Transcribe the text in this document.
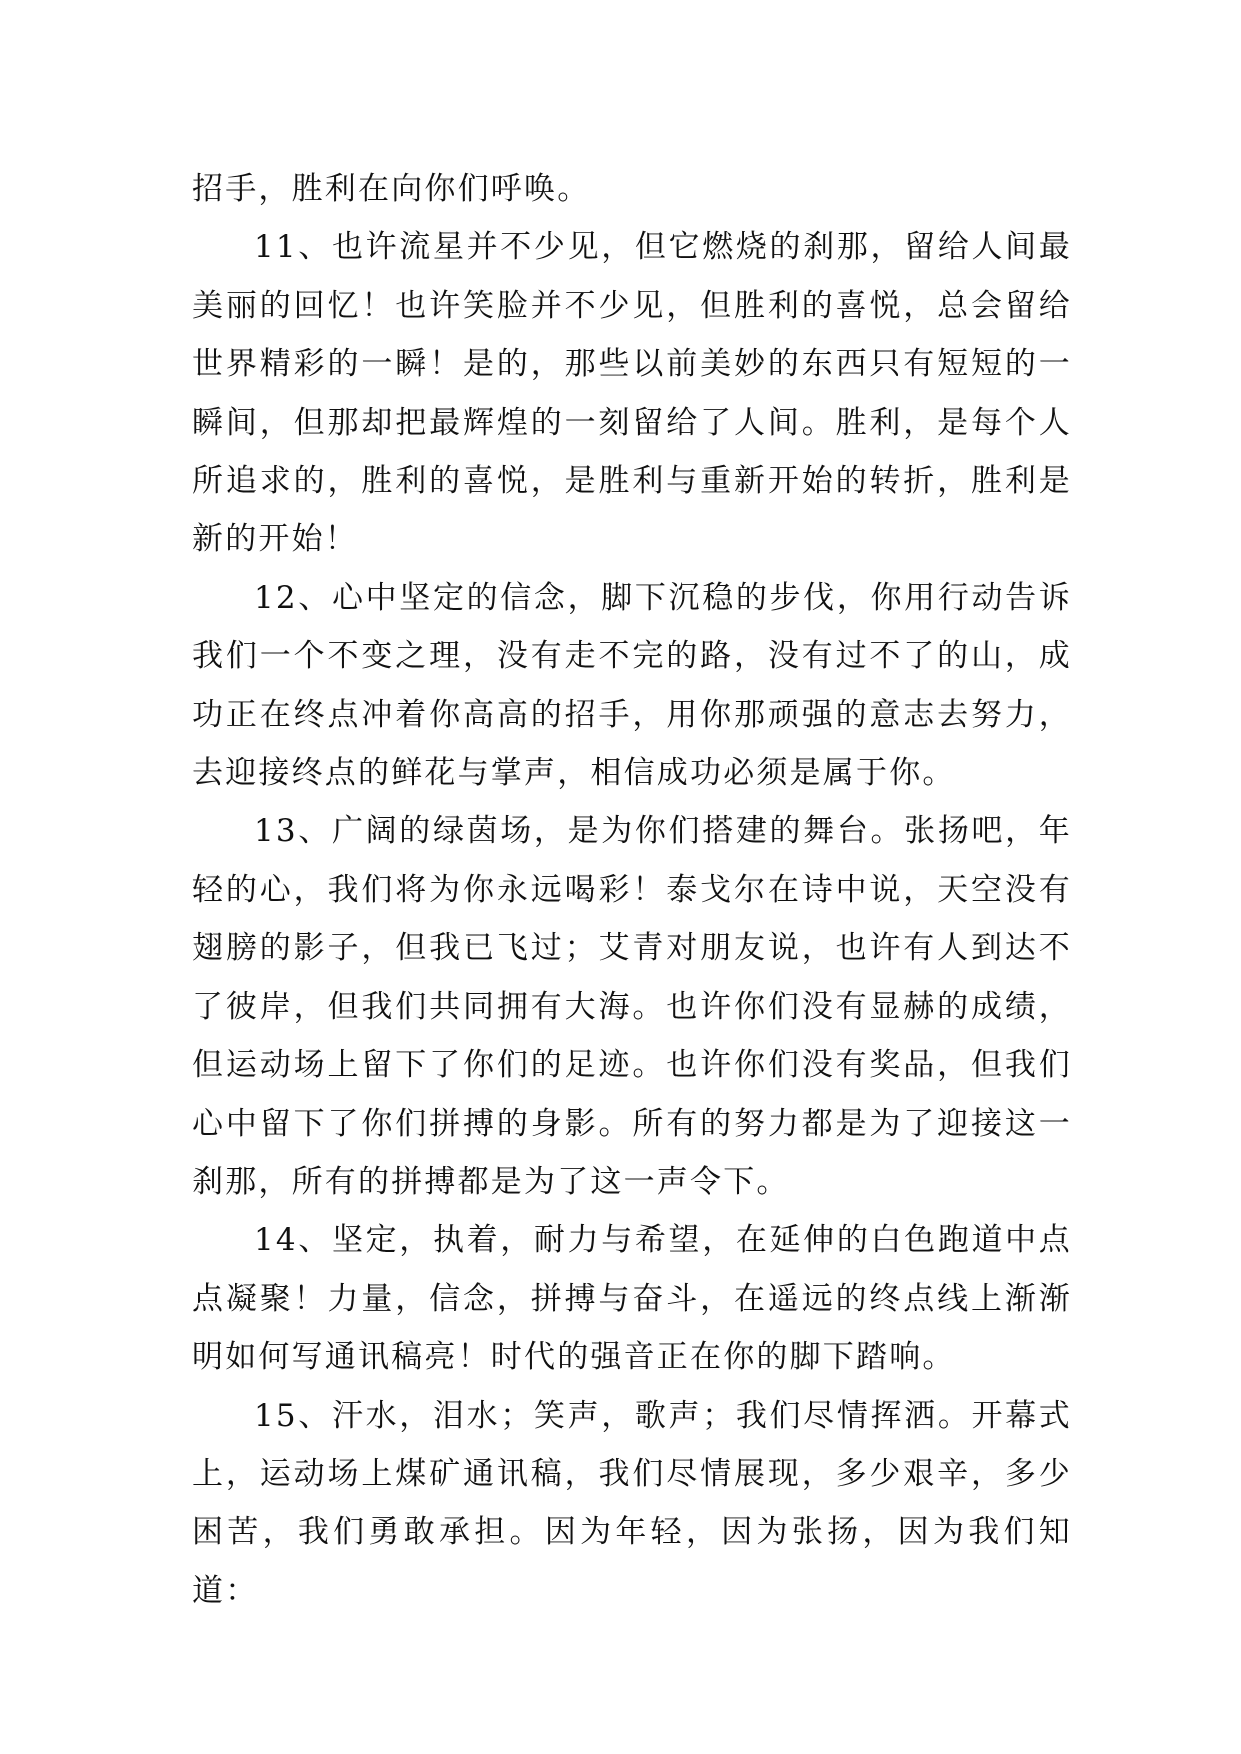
招手，胜利在向你们呼唤。

11、也许流星并不少见，但它燃烧的刹那，留给人间最美丽的回忆！也许笑脸并不少见，但胜利的喜悦，总会留给世界精彩的一瞬！是的，那些以前美妙的东西只有短短的一瞬间，但那却把最辉煌的一刻留给了人间。胜利，是每个人所追求的，胜利的喜悦，是胜利与重新开始的转折，胜利是新的开始！

12、心中坚定的信念，脚下沉稳的步伐，你用行动告诉我们一个不变之理，没有走不完的路，没有过不了的山，成功正在终点冲着你高高的招手，用你那顽强的意志去努力，去迎接终点的鲜花与掌声，相信成功必须是属于你。

13、广阔的绿茵场，是为你们搭建的舞台。张扬吧，年轻的心，我们将为你永远喝彩！泰戈尔在诗中说，天空没有翅膀的影子，但我已飞过；艾青对朋友说，也许有人到达不了彼岸，但我们共同拥有大海。也许你们没有显赫的成绩，但运动场上留下了你们的足迹。也许你们没有奖品，但我们心中留下了你们拼搏的身影。所有的努力都是为了迎接这一刹那，所有的拼搏都是为了这一声令下。

14、坚定，执着，耐力与希望，在延伸的白色跑道中点点凝聚！力量，信念，拼搏与奋斗，在遥远的终点线上渐渐明如何写通讯稿亮！时代的强音正在你的脚下踏响。

15、汗水，泪水；笑声，歌声；我们尽情挥洒。开幕式上，运动场上煤矿通讯稿，我们尽情展现，多少艰辛，多少困苦，我们勇敢承担。因为年轻，因为张扬，因为我们知道：
